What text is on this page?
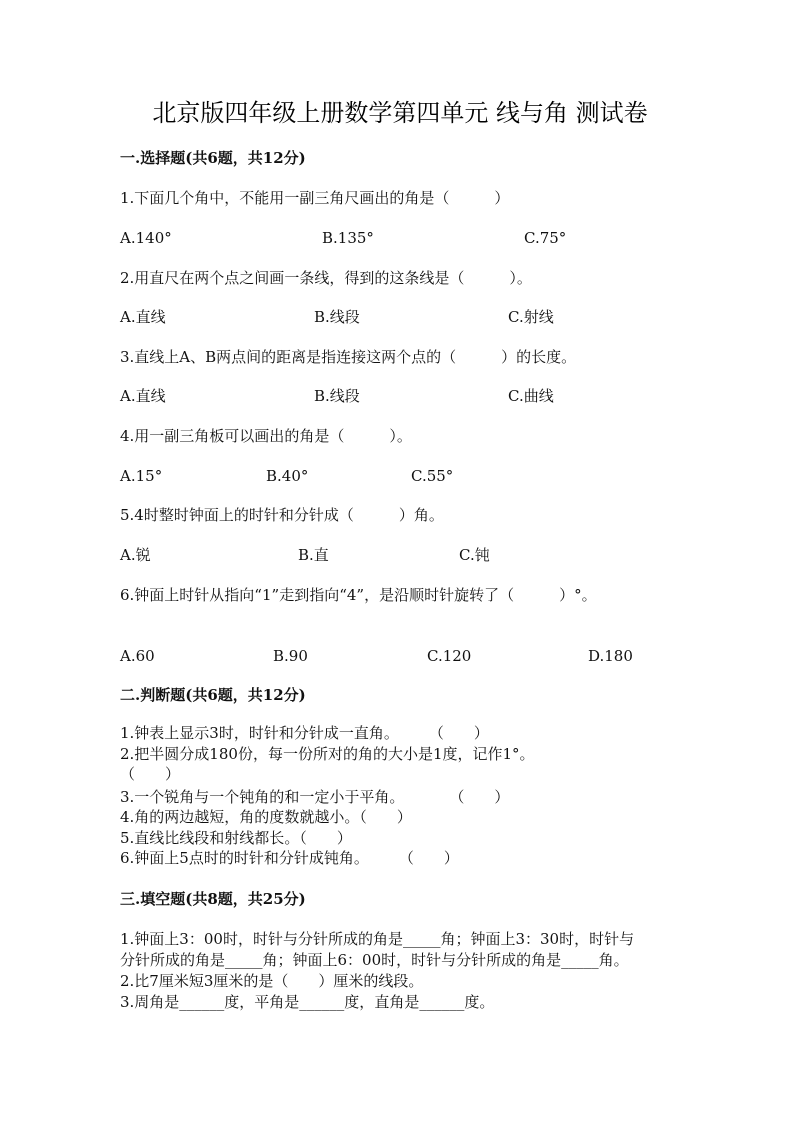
北京版四年级上册数学第四单元 线与角 测试卷
一.选择题(共6题，共12分)
1.下面几个角中，不能用一副三角尺画出的角是（　　　）
A.140°	B.135°	C.75°
2.用直尺在两个点之间画一条线，得到的这条线是（　　　）。
A.直线	B.线段	C.射线
3.直线上A、B两点间的距离是指连接这两个点的（　　　）的长度。
A.直线	B.线段	C.曲线
4.用一副三角板可以画出的角是（　　　）。
A.15°	B.40°	C.55°
5.4时整时钟面上的时针和分针成（　　　）角。
A.锐	B.直	C.钝
6.钟面上时针从指向“1”走到指向“4”，是沿顺时针旋转了（　　　）°。
A.60	B.90	C.120	D.180
二.判断题(共6题，共12分)
1.钟表上显示3时，时针和分针成一直角。　　　（　　）
2.把半圆分成180份，每一份所对的角的大小是1度，记作1°。
（　　）
3.一个锐角与一个钝角的和一定小于平角。　　　　（　　）
4.角的两边越短，角的度数就越小。（　　）
5.直线比线段和射线都长。（　　）
6.钟面上5点时的时针和分针成钝角。　　　（　　）
三.填空题(共8题，共25分)
1.钟面上3：00时，时针与分针所成的角是_____角；钟面上3：30时，时针与
分针所成的角是_____角；钟面上6：00时，时针与分针所成的角是_____角。
2.比7厘米短3厘米的是（　　）厘米的线段。
3.周角是______度，平角是______度，直角是______度。
